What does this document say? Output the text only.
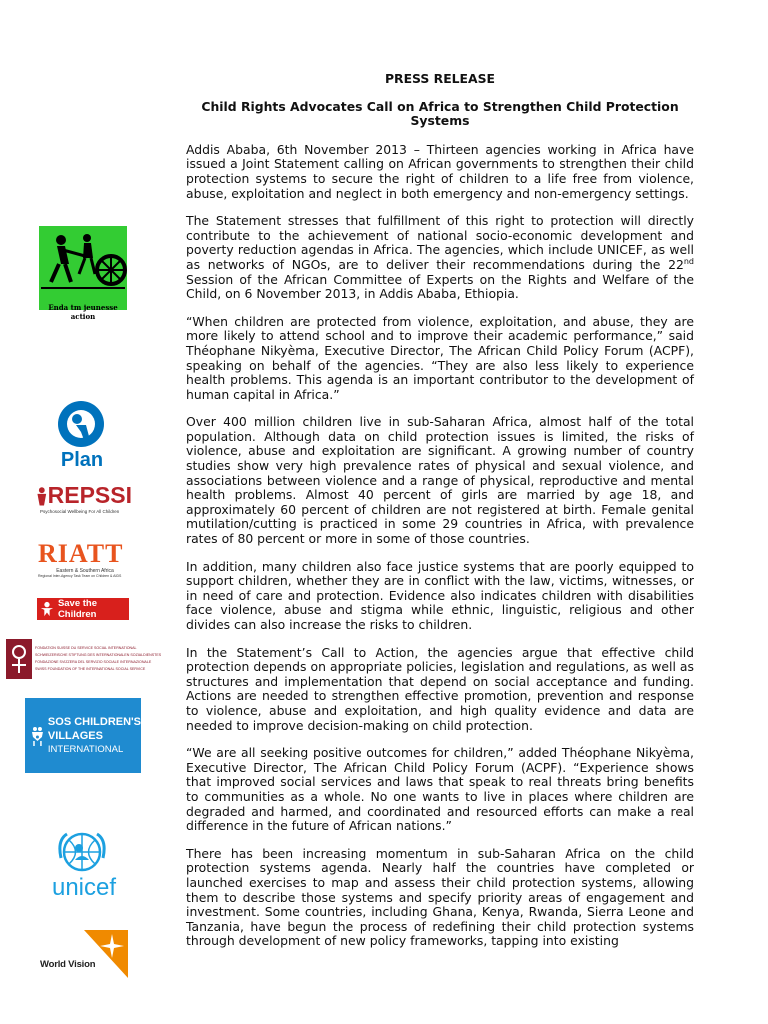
Enda tm jeunesse action
Plan
REPSSI
Psychosocial Wellbeing For All Children
RIATT
Eastern & Southern Africa
Regional Inter-Agency Task Team on Children & AIDS
Save the Children
FONDATION SUISSE DU SERVICE SOCIAL INTERNATIONAL
SCHWEIZERISCHE STIFTUNG DES INTERNATIONALEN SOZIALDIENSTES
FONDAZIONE SVIZZERA DEL SERVIZIO SOCIALE INTERNAZIONALE
SWISS FOUNDATION OF THE INTERNATIONAL SOCIAL SERVICE
SOS CHILDREN'S
VILLAGES
INTERNATIONAL
unicef
World Vision

PRESS RELEASE

Child Rights Advocates Call on Africa to Strengthen Child Protection Systems

Addis Ababa, 6th November 2013 – Thirteen agencies working in Africa have issued a Joint Statement calling on African governments to strengthen their child protection systems to secure the right of children to a life free from violence, abuse, exploitation and neglect in both emergency and non-emergency settings.

The Statement stresses that fulfillment of this right to protection will directly contribute to the achievement of national socio-economic development and poverty reduction agendas in Africa. The agencies, which include UNICEF, as well as networks of NGOs, are to deliver their recommendations during the 22nd Session of the African Committee of Experts on the Rights and Welfare of the Child, on 6 November 2013, in Addis Ababa, Ethiopia.

“When children are protected from violence, exploitation, and abuse, they are more likely to attend school and to improve their academic performance,” said Théophane Nikyèma, Executive Director, The African Child Policy Forum (ACPF), speaking on behalf of the agencies. “They are also less likely to experience health problems. This agenda is an important contributor to the development of human capital in Africa.”

Over 400 million children live in sub-Saharan Africa, almost half of the total population. Although data on child protection issues is limited, the risks of violence, abuse and exploitation are significant. A growing number of country studies show very high prevalence rates of physical and sexual violence, and associations between violence and a range of physical, reproductive and mental health problems. Almost 40 percent of girls are married by age 18, and approximately 60 percent of children are not registered at birth. Female genital mutilation/cutting is practiced in some 29 countries in Africa, with prevalence rates of 80 percent or more in some of those countries.

In addition, many children also face justice systems that are poorly equipped to support children, whether they are in conflict with the law, victims, witnesses, or in need of care and protection. Evidence also indicates children with disabilities face violence, abuse and stigma while ethnic, linguistic, religious and other divides can also increase the risks to children.

In the Statement’s Call to Action, the agencies argue that effective child protection depends on appropriate policies, legislation and regulations, as well as structures and implementation that depend on social acceptance and funding. Actions are needed to strengthen effective promotion, prevention and response to violence, abuse and exploitation, and high quality evidence and data are needed to improve decision-making on child protection.

“We are all seeking positive outcomes for children,” added Théophane Nikyèma, Executive Director, The African Child Policy Forum (ACPF). “Experience shows that improved social services and laws that speak to real threats bring benefits to communities as a whole. No one wants to live in places where children are degraded and harmed, and coordinated and resourced efforts can make a real difference in the future of African nations.”

There has been increasing momentum in sub-Saharan Africa on the child protection systems agenda. Nearly half the countries have completed or launched exercises to map and assess their child protection systems, allowing them to describe those systems and specify priority areas of engagement and investment. Some countries, including Ghana, Kenya, Rwanda, Sierra Leone and Tanzania, have begun the process of redefining their child protection systems through development of new policy frameworks, tapping into existing
